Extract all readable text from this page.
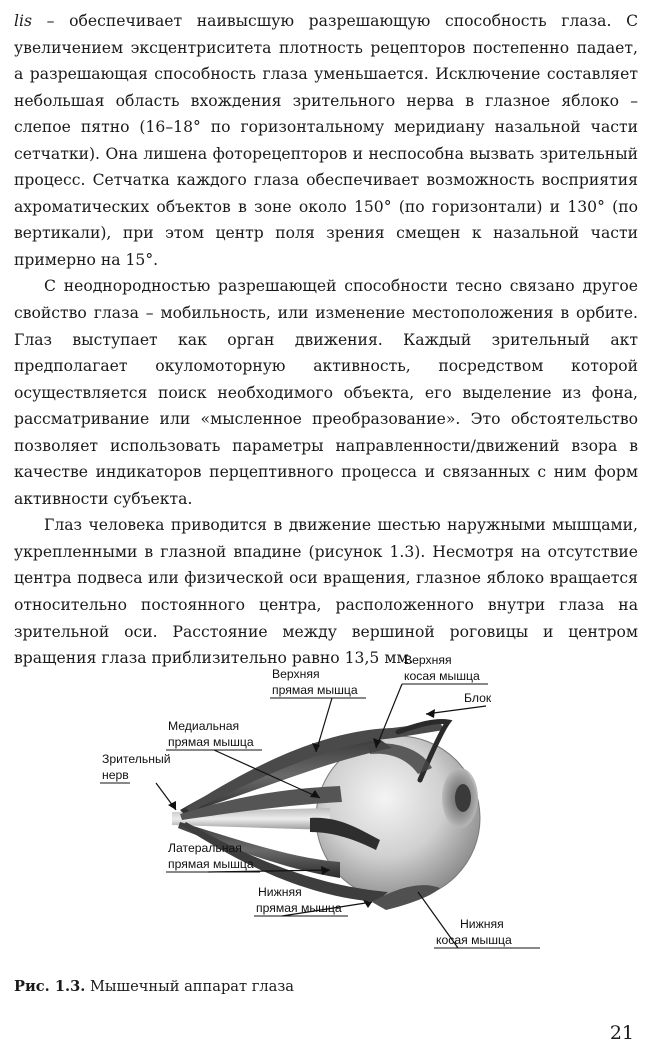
lis – обеспечивает наивысшую разрешающую способность глаза. С увеличением эксцентриситета плотность рецепторов постепенно падает, а разрешающая способность глаза уменьшается. Исключение составляет небольшая область вхождения зрительного нерва в глазное яблоко – слепое пятно (16–18° по горизонтальному меридиану назальной части сетчатки). Она лишена фоторецепторов и неспособна вызвать зрительный процесс. Сетчатка каждого глаза обеспечивает возможность восприятия ахроматических объектов в зоне около 150° (по горизонтали) и 130° (по вертикали), при этом центр поля зрения смещен к назальной части примерно на 15°.

С неоднородностью разрешающей способности тесно связано другое свойство глаза – мобильность, или изменение местоположения в орбите. Глаз выступает как орган движения. Каждый зрительный акт предполагает окуломоторную активность, посредством которой осуществляется поиск необходимого объекта, его выделение из фона, рассматривание или «мысленное преобразование». Это обстоятельство позволяет использовать параметры направленности/движений взора в качестве индикаторов перцептивного процесса и связанных с ним форм активности субъекта.

Глаз человека приводится в движение шестью наружными мышцами, укрепленными в глазной впадине (рисунок 1.3). Несмотря на отсутствие центра подвеса или физической оси вращения, глазное яблоко вращается относительно постоянного центра, расположенного внутри глаза на зрительной оси. Расстояние между вершиной роговицы и центром вращения глаза приблизительно равно 13,5 мм.

Верхняя
прямая мышца
Верхняя
косая мышца
Блок
Медиальная
прямая мышца
Зрительный
нерв
Латеральная
прямая мышца
Нижняя
прямая мышца
Нижняя
косая мышца
Рис. 1.3. Мышечный аппарат глаза
21
